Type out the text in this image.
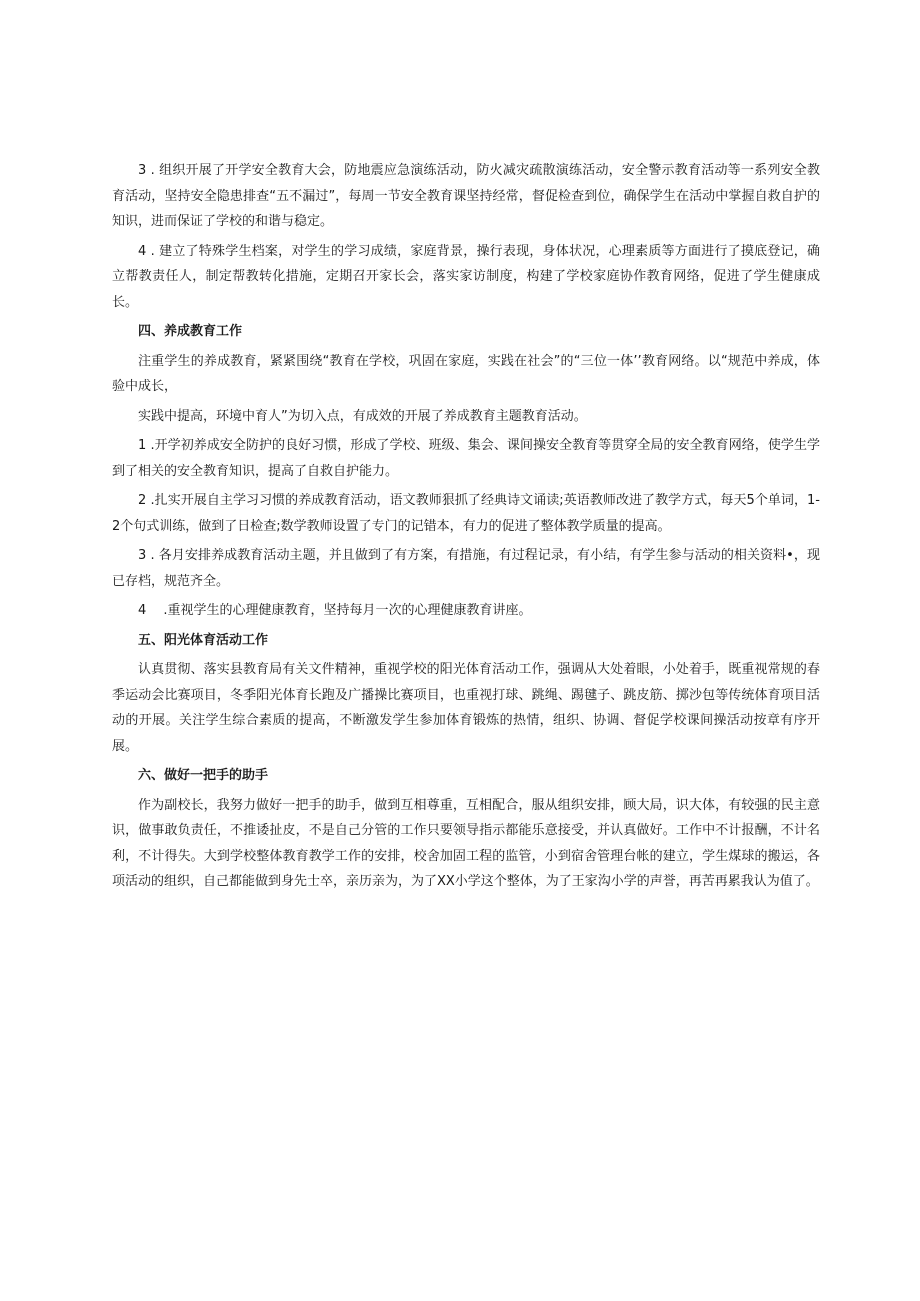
3 . 组织开展了开学安全教育大会，防地震应急演练活动，防火减灾疏散演练活动，安全警示教育活动等一系列安全教育活动，坚持安全隐患排查“五不漏过”，每周一节安全教育课坚持经常，督促检查到位，确保学生在活动中掌握自救自护的知识，进而保证了学校的和谐与稳定。

4 . 建立了特殊学生档案，对学生的学习成绩，家庭背景，操行表现，身体状况，心理素质等方面进行了摸底登记，确立帮教责任人，制定帮教转化措施，定期召开家长会，落实家访制度，构建了学校家庭协作教育网络，促进了学生健康成长。

四、养成教育工作

注重学生的养成教育，紧紧围绕“教育在学校，巩固在家庭，实践在社会”的“三位一体’’教育网络。以“规范中养成，体验中成长，

实践中提高，环境中育人”为切入点，有成效的开展了养成教育主题教育活动。

1 .开学初养成安全防护的良好习惯，形成了学校、班级、集会、课间操安全教育等贯穿全局的安全教育网络，使学生学到了相关的安全教育知识，提高了自救自护能力。

2 .扎实开展自主学习习惯的养成教育活动，语文教师狠抓了经典诗文诵读;英语教师改进了教学方式，每天5个单词，1-2个句式训练，做到了日检查;数学教师设置了专门的记错本，有力的促进了整体教学质量的提高。

3 . 各月安排养成教育活动主题，并且做到了有方案，有措施，有过程记录，有小结，有学生参与活动的相关资料•，现已存档，规范齐全。

4 　.重视学生的心理健康教育，坚持每月一次的心理健康教育讲座。

五、阳光体育活动工作

认真贯彻、落实县教育局有关文件精神，重视学校的阳光体育活动工作，强调从大处着眼，小处着手，既重视常规的春季运动会比赛项目，冬季阳光体育长跑及广播操比赛项目，也重视打球、跳绳、踢毽子、跳皮筋、掷沙包等传统体育项目活动的开展。关注学生综合素质的提高，不断激发学生参加体育锻炼的热情，组织、协调、督促学校课间操活动按章有序开展。

六、做好一把手的助手

作为副校长，我努力做好一把手的助手，做到互相尊重，互相配合，服从组织安排，顾大局，识大体，有较强的民主意识，做事敢负责任，不推诿扯皮，不是自己分管的工作只要领导指示都能乐意接受，并认真做好。工作中不计报酬，不计名利，不计得失。大到学校整体教育教学工作的安排，校舍加固工程的监管，小到宿舍管理台帐的建立，学生煤球的搬运，各项活动的组织，自己都能做到身先士卒，亲历亲为，为了XX小学这个整体，为了王家沟小学的声誉，再苦再累我认为值了。
